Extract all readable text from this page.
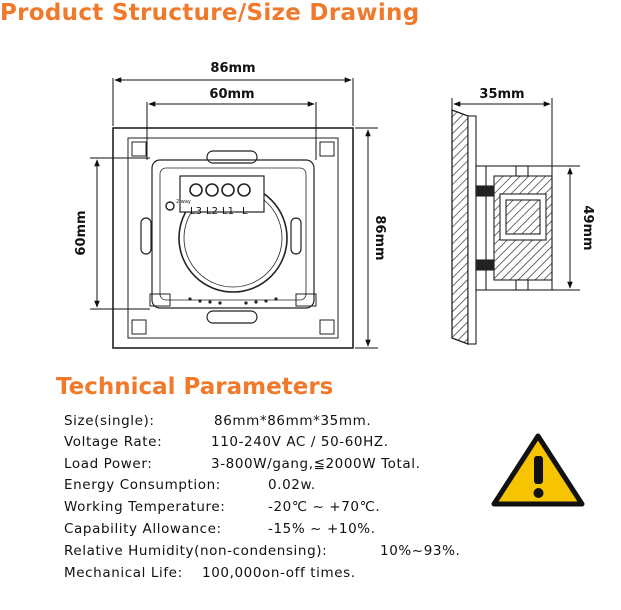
Product Structure/Size Drawing
L3 L2 L1 L
2 way
86mm
60mm
60mm	86mm
35mm
49mm
Technical Parameters
Size(single):	86mm*86mm*35mm.
Voltage Rate:	110-240V AC / 50-60HZ.
Load Power:	3-800W/gang,≦2000W Total.
Energy Consumption:	0.02w.
Working Temperature:	-20℃ ~ +70℃.
Capability Allowance:	-15% ~ +10%.
Relative Humidity(non-condensing):	10%~93%.
Mechanical Life: 100,000on-off times.
